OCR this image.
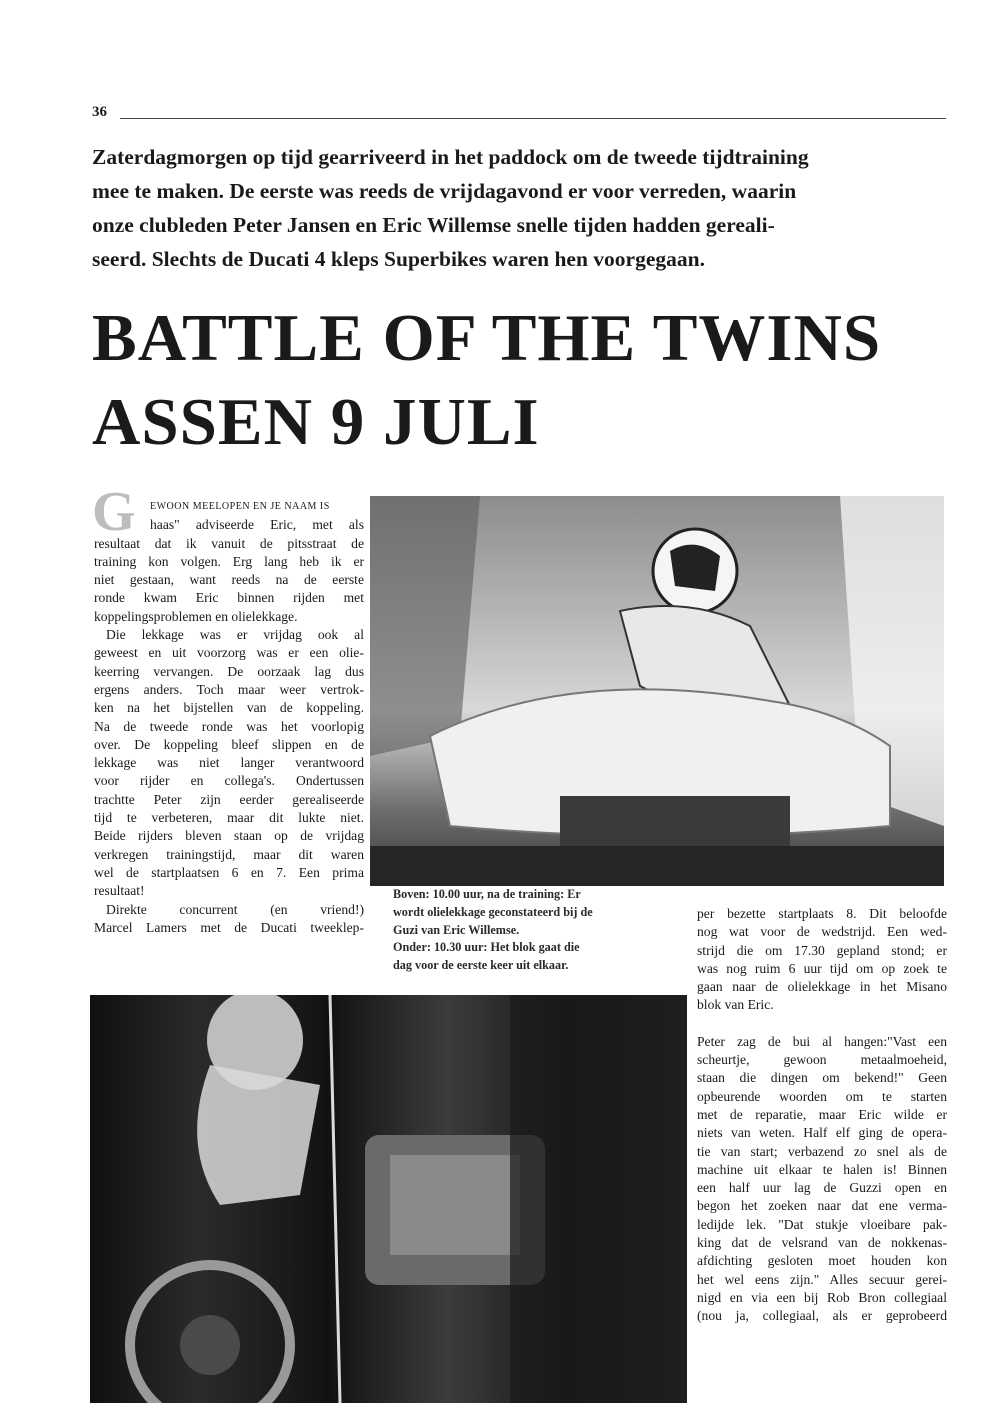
36
Zaterdagmorgen op tijd gearriveerd in het paddock om de tweede tijdtraining
mee te maken. De eerste was reeds de vrijdagavond er voor verreden, waarin
onze clubleden Peter Jansen en Eric Willemse snelle tijden hadden gereali-
seerd. Slechts de Ducati 4 kleps Superbikes waren hen voorgegaan.
BATTLE OF THE TWINS
ASSEN 9 JULI
G	EWOON MEELOPEN EN JE NAAM IS
haas" adviseerde Eric, met als
resultaat dat ik vanuit de pitsstraat de
training kon volgen. Erg lang heb ik er
niet gestaan, want reeds na de eerste
ronde kwam Eric binnen rijden met
koppelingsproblemen en olielekkage.
Die lekkage was er vrijdag ook al
geweest en uit voorzorg was er een olie-
keerring vervangen. De oorzaak lag dus
ergens anders. Toch maar weer vertrok-
ken na het bijstellen van de koppeling.
Na de tweede ronde was het voorlopig
over. De koppeling bleef slippen en de
lekkage was niet langer verantwoord
voor rijder en collega's. Ondertussen
trachtte Peter zijn eerder gerealiseerde
tijd te verbeteren, maar dit lukte niet.
Beide rijders bleven staan op de vrijdag
verkregen trainingstijd, maar dit waren
wel de startplaatsen 6 en 7. Een prima
resultaat!
Direkte concurrent (en vriend!)
Marcel Lamers met de Ducati tweeklep-
Boven: 10.00 uur, na de training: Er
wordt olielekkage geconstateerd bij de
Guzi van Eric Willemse.
Onder: 10.30 uur: Het blok gaat die
dag voor de eerste keer uit elkaar.
per bezette startplaats 8. Dit beloofde
nog wat voor de wedstrijd. Een wed-
strijd die om 17.30 gepland stond; er
was nog ruim 6 uur tijd om op zoek te
gaan naar de olielekkage in het Misano
blok van Eric.
Peter zag de bui al hangen:"Vast een
scheurtje, gewoon metaalmoeheid,
staan die dingen om bekend!" Geen
opbeurende woorden om te starten
met de reparatie, maar Eric wilde er
niets van weten. Half elf ging de opera-
tie van start; verbazend zo snel als de
machine uit elkaar te halen is! Binnen
een half uur lag de Guzzi open en
begon het zoeken naar dat ene verma-
ledijde lek. "Dat stukje vloeibare pak-
king dat de velsrand van de nokkenas-
afdichting gesloten moet houden kon
het wel eens zijn." Alles secuur gerei-
nigd en via een bij Rob Bron collegiaal
(nou ja, collegiaal, als er geprobeerd
